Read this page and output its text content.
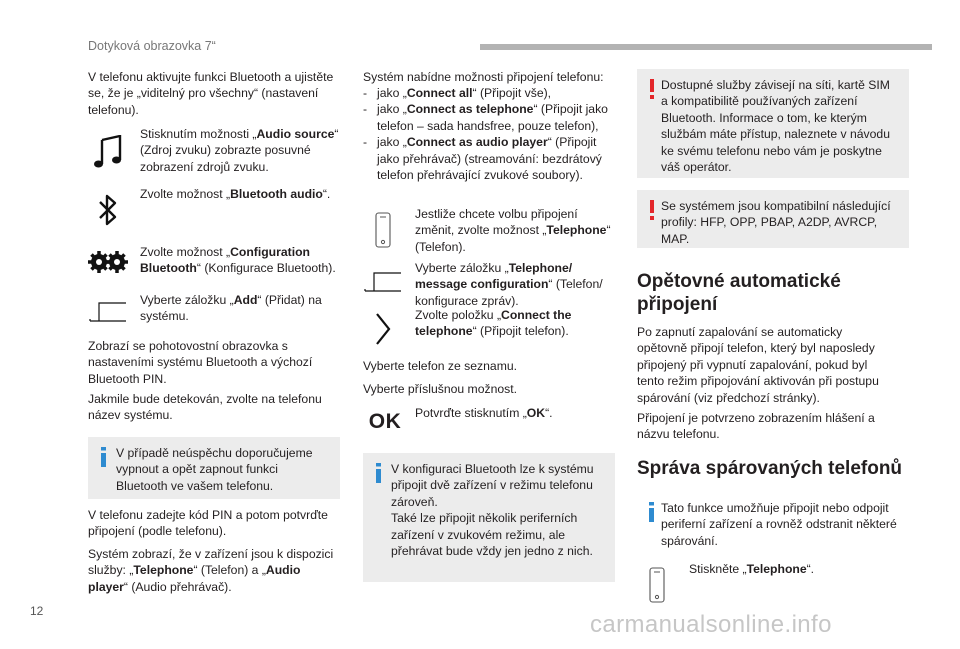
Dotyková obrazovka 7“

V telefonu aktivujte funkci Bluetooth a ujistěte se, že je „viditelný pro všechny“ (nastavení telefonu).

Stisknutím možnosti „Audio source“ (Zdroj zvuku) zobrazte posuvné zobrazení zdrojů zvuku.
Zvolte možnost „Bluetooth audio“.
Zvolte možnost „Configuration Bluetooth“ (Konfigurace Bluetooth).
Vyberte záložku „Add“ (Přidat) na systému.

Zobrazí se pohotovostní obrazovka s nastaveními systému Bluetooth a výchozí Bluetooth PIN.

Jakmile bude detekován, zvolte na telefonu název systému.

V případě neúspěchu doporučujeme vypnout a opět zapnout funkci Bluetooth ve vašem telefonu.

V telefonu zadejte kód PIN a potom potvrďte připojení (podle telefonu).

Systém zobrazí, že v zařízení jsou k dispozici služby: „Telephone“ (Telefon) a „Audio player“ (Audio přehrávač).

Systém nabídne možnosti připojení telefonu:

- jako „Connect all“ (Připojit vše),
- jako „Connect as telephone“ (Připojit jako telefon – sada handsfree, pouze telefon),
- jako „Connect as audio player“ (Připojit jako přehrávač) (streamování: bezdrátový telefon přehrávající zvukové soubory).
Jestliže chcete volbu připojení změnit, zvolte možnost „Telephone“ (Telefon).
Vyberte záložku „Telephone/ message configuration“ (Telefon/ konfigurace zpráv).
Zvolte položku „Connect the telephone“ (Připojit telefon).

Vyberte telefon ze seznamu.

Vyberte příslušnou možnost.

OK Potvrďte stisknutím „OK“.

V konfiguraci Bluetooth lze k systému připojit dvě zařízení v režimu telefonu zároveň.
Také lze připojit několik periferních zařízení v zvukovém režimu, ale přehrávat bude vždy jen jedno z nich.

Dostupné služby závisejí na síti, kartě SIM a kompatibilitě používaných zařízení Bluetooth. Informace o tom, ke kterým službám máte přístup, naleznete v návodu ke svému telefonu nebo vám je poskytne váš operátor.

Se systémem jsou kompatibilní následující profily: HFP, OPP, PBAP, A2DP, AVRCP, MAP.

Opětovné automatické připojení

Po zapnutí zapalování se automaticky opětovně připojí telefon, který byl naposledy připojený při vypnutí zapalování, pokud byl tento režim připojování aktivován při postupu spárování (viz předchozí stránky).

Připojení je potvrzeno zobrazením hlášení a názvu telefonu.

Správa spárovaných telefonů

Tato funkce umožňuje připojit nebo odpojit periferní zařízení a rovněž odstranit některé spárování.

Stiskněte „Telephone“.
12	carmanualsonline.info
